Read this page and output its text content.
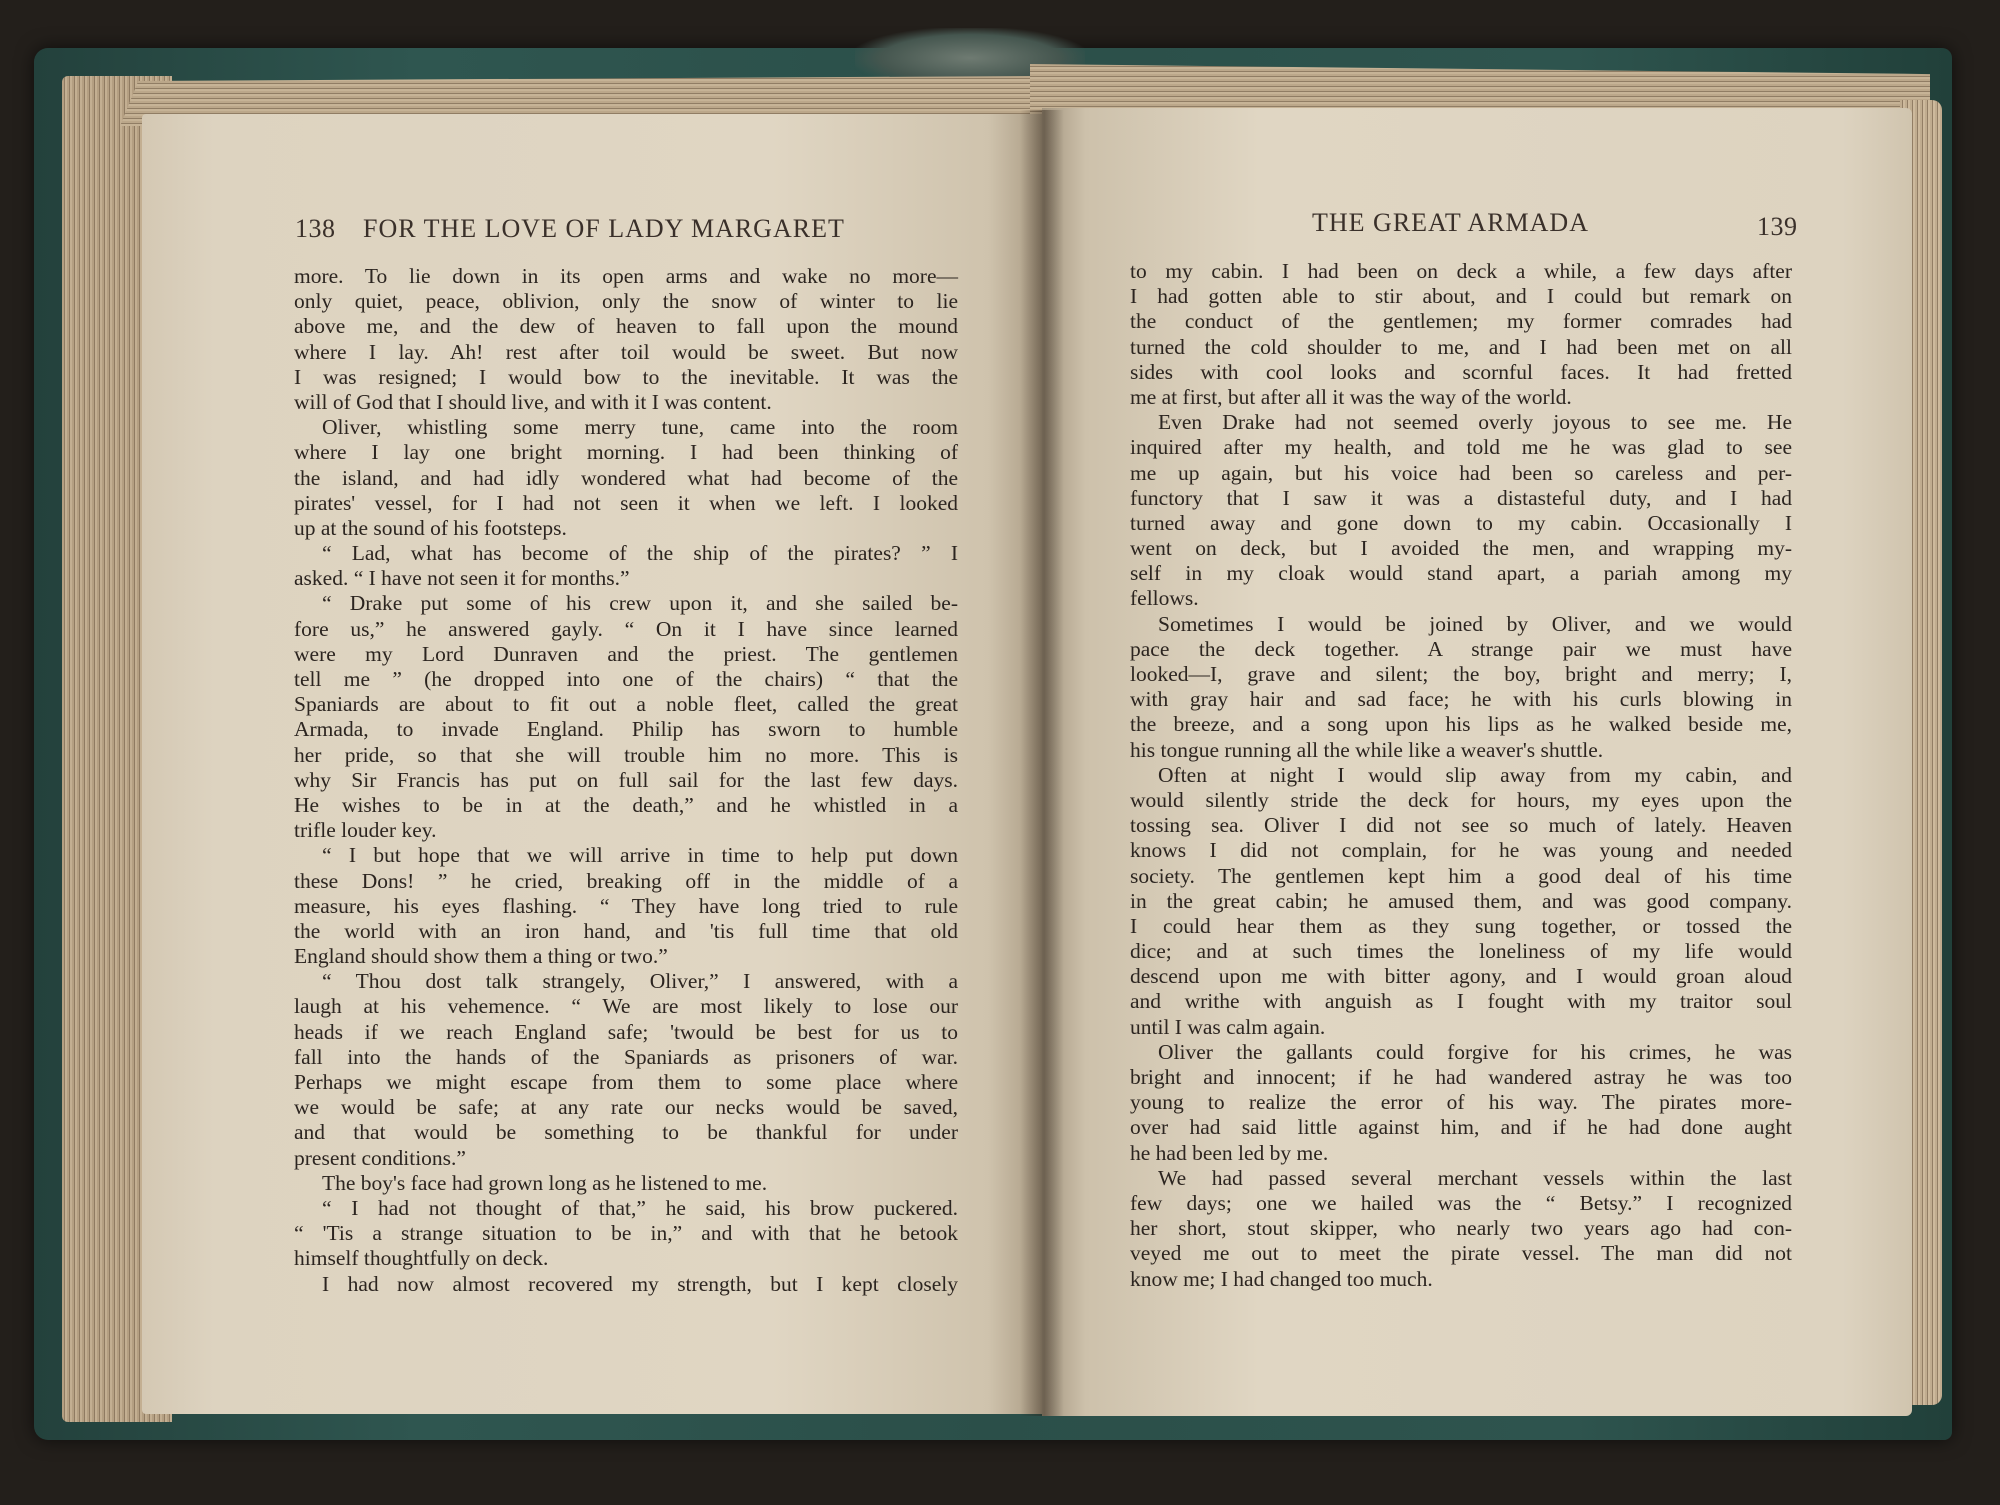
138 FOR THE LOVE OF LADY MARGARET	THE GREAT ARMADA	139
more. To lie down in its open arms and wake no more—
only quiet, peace, oblivion, only the snow of winter to lie
above me, and the dew of heaven to fall upon the mound
where I lay. Ah! rest after toil would be sweet. But now
I was resigned; I would bow to the inevitable. It was the
will of God that I should live, and with it I was content.
Oliver, whistling some merry tune, came into the room
where I lay one bright morning. I had been thinking of
the island, and had idly wondered what had become of the
pirates' vessel, for I had not seen it when we left. I looked
up at the sound of his footsteps.
“ Lad, what has become of the ship of the pirates? ” I
asked. “ I have not seen it for months.”
“ Drake put some of his crew upon it, and she sailed be-
fore us,” he answered gayly. “ On it I have since learned
were my Lord Dunraven and the priest. The gentlemen
tell me ” (he dropped into one of the chairs) “ that the
Spaniards are about to fit out a noble fleet, called the great
Armada, to invade England. Philip has sworn to humble
her pride, so that she will trouble him no more. This is
why Sir Francis has put on full sail for the last few days.
He wishes to be in at the death,” and he whistled in a
trifle louder key.
“ I but hope that we will arrive in time to help put down
these Dons! ” he cried, breaking off in the middle of a
measure, his eyes flashing. “ They have long tried to rule
the world with an iron hand, and 'tis full time that old
England should show them a thing or two.”
“ Thou dost talk strangely, Oliver,” I answered, with a
laugh at his vehemence. “ We are most likely to lose our
heads if we reach England safe; 'twould be best for us to
fall into the hands of the Spaniards as prisoners of war.
Perhaps we might escape from them to some place where
we would be safe; at any rate our necks would be saved,
and that would be something to be thankful for under
present conditions.”
The boy's face had grown long as he listened to me.
“ I had not thought of that,” he said, his brow puckered.
“ 'Tis a strange situation to be in,” and with that he betook
himself thoughtfully on deck.
I had now almost recovered my strength, but I kept closely
to my cabin. I had been on deck a while, a few days after
I had gotten able to stir about, and I could but remark on
the conduct of the gentlemen; my former comrades had
turned the cold shoulder to me, and I had been met on all
sides with cool looks and scornful faces. It had fretted
me at first, but after all it was the way of the world.
Even Drake had not seemed overly joyous to see me. He
inquired after my health, and told me he was glad to see
me up again, but his voice had been so careless and per-
functory that I saw it was a distasteful duty, and I had
turned away and gone down to my cabin. Occasionally I
went on deck, but I avoided the men, and wrapping my-
self in my cloak would stand apart, a pariah among my
fellows.
Sometimes I would be joined by Oliver, and we would
pace the deck together. A strange pair we must have
looked—I, grave and silent; the boy, bright and merry; I,
with gray hair and sad face; he with his curls blowing in
the breeze, and a song upon his lips as he walked beside me,
his tongue running all the while like a weaver's shuttle.
Often at night I would slip away from my cabin, and
would silently stride the deck for hours, my eyes upon the
tossing sea. Oliver I did not see so much of lately. Heaven
knows I did not complain, for he was young and needed
society. The gentlemen kept him a good deal of his time
in the great cabin; he amused them, and was good company.
I could hear them as they sung together, or tossed the
dice; and at such times the loneliness of my life would
descend upon me with bitter agony, and I would groan aloud
and writhe with anguish as I fought with my traitor soul
until I was calm again.
Oliver the gallants could forgive for his crimes, he was
bright and innocent; if he had wandered astray he was too
young to realize the error of his way. The pirates more-
over had said little against him, and if he had done aught
he had been led by me.
We had passed several merchant vessels within the last
few days; one we hailed was the “ Betsy.” I recognized
her short, stout skipper, who nearly two years ago had con-
veyed me out to meet the pirate vessel. The man did not
know me; I had changed too much.
